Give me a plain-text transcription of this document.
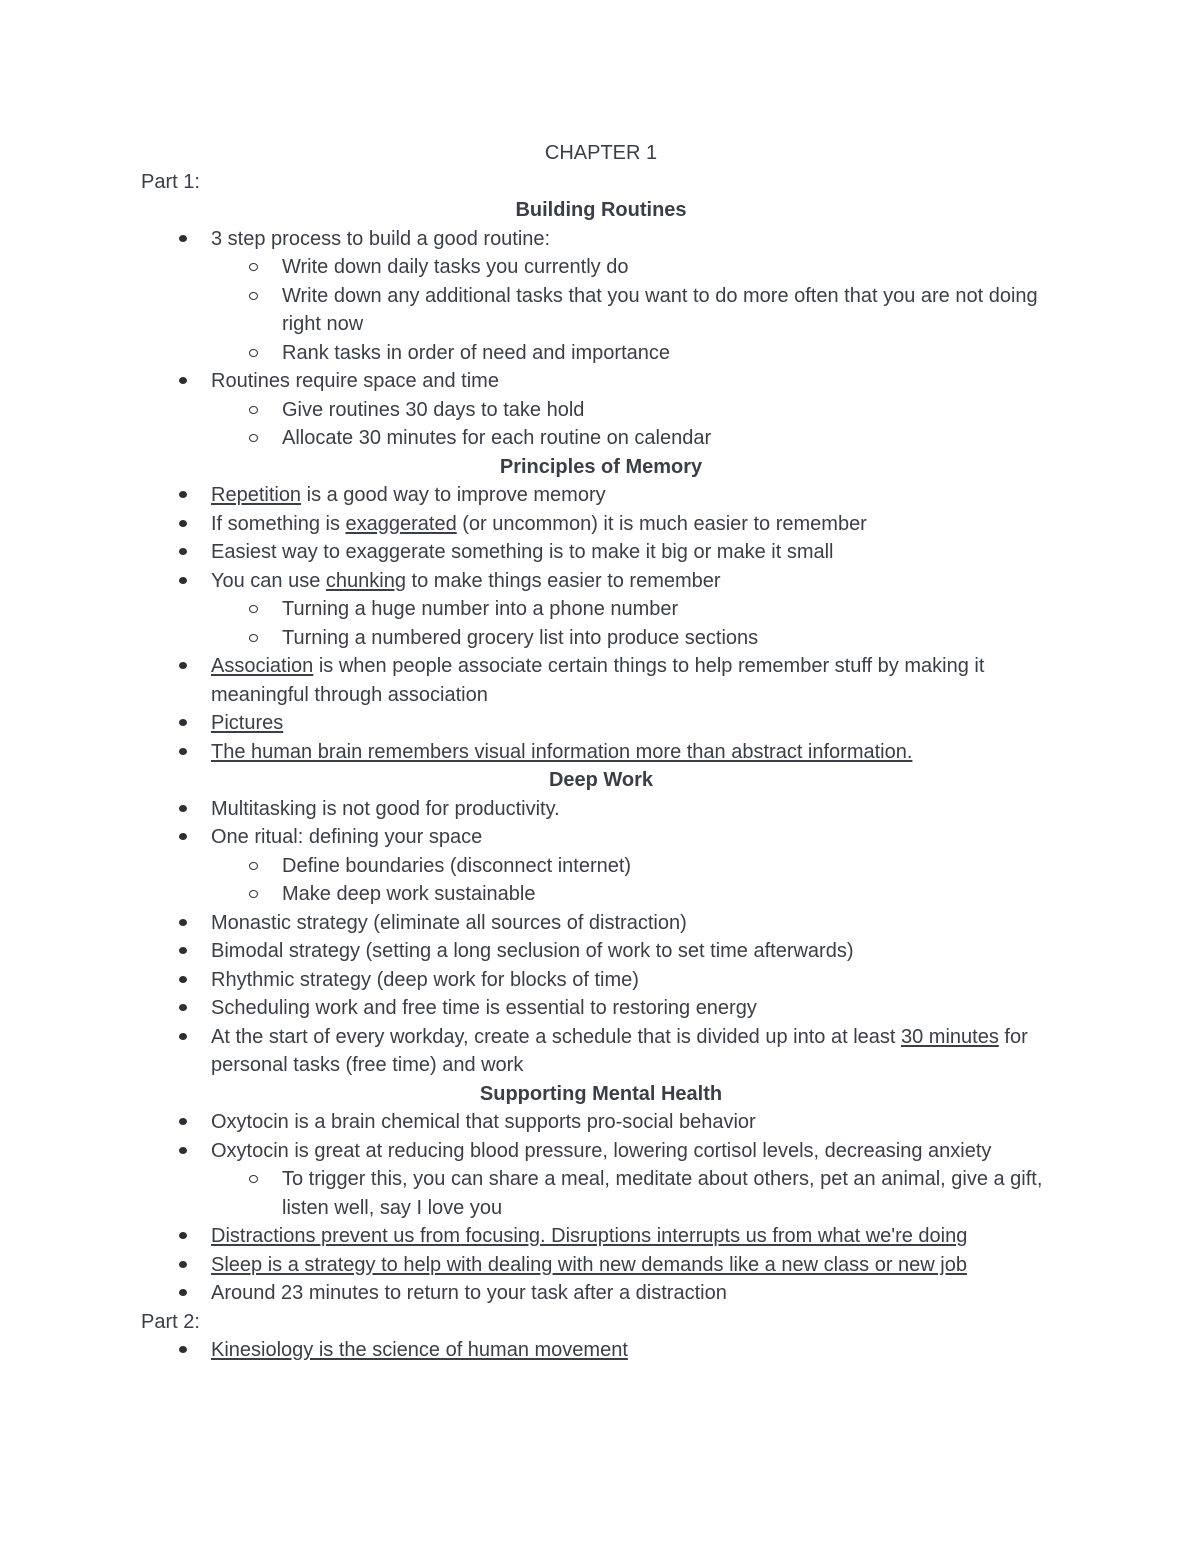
CHAPTER 1
Part 1:
Building Routines
3 step process to build a good routine:
Write down daily tasks you currently do
Write down any additional tasks that you want to do more often that you are not doing right now
Rank tasks in order of need and importance
Routines require space and time
Give routines 30 days to take hold
Allocate 30 minutes for each routine on calendar
Principles of Memory
Repetition is a good way to improve memory
If something is exaggerated (or uncommon) it is much easier to remember
Easiest way to exaggerate something is to make it big or make it small
You can use chunking to make things easier to remember
Turning a huge number into a phone number
Turning a numbered grocery list into produce sections
Association is when people associate certain things to help remember stuff by making it meaningful through association
Pictures
The human brain remembers visual information more than abstract information.
Deep Work
Multitasking is not good for productivity.
One ritual: defining your space
Define boundaries (disconnect internet)
Make deep work sustainable
Monastic strategy (eliminate all sources of distraction)
Bimodal strategy (setting a long seclusion of work to set time afterwards)
Rhythmic strategy (deep work for blocks of time)
Scheduling work and free time is essential to restoring energy
At the start of every workday, create a schedule that is divided up into at least 30 minutes for personal tasks (free time) and work
Supporting Mental Health
Oxytocin is a brain chemical that supports pro-social behavior
Oxytocin is great at reducing blood pressure, lowering cortisol levels, decreasing anxiety
To trigger this, you can share a meal, meditate about others, pet an animal, give a gift, listen well, say I love you
Distractions prevent us from focusing. Disruptions interrupts us from what we're doing
Sleep is a strategy to help with dealing with new demands like a new class or new job
Around 23 minutes to return to your task after a distraction
Part 2:
Kinesiology is the science of human movement
